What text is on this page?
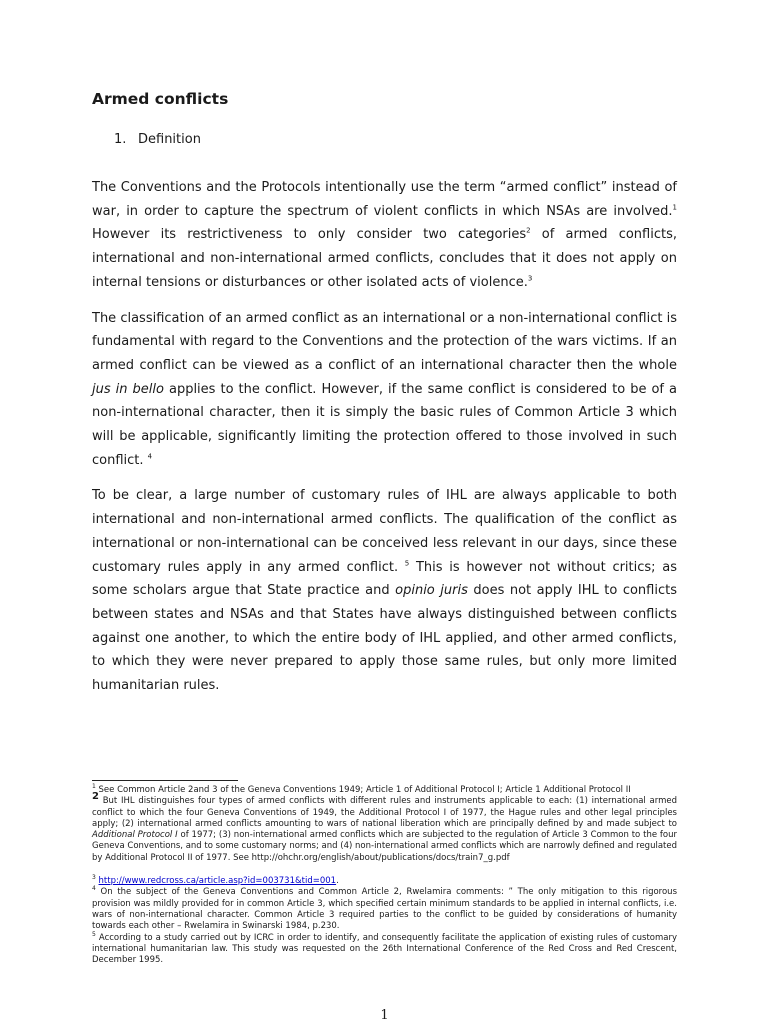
Armed conflicts
1. Definition

The Conventions and the Protocols intentionally use the term “armed conflict” instead of war, in order to capture the spectrum of violent conflicts in which NSAs are involved.$^1$ However its restrictiveness to only consider two categories$^2$ of armed conflicts, international and non-international armed conflicts, concludes that it does not apply on internal tensions or disturbances or other isolated acts of violence.$^3$

The classification of an armed conflict as an international or a non-international conflict is fundamental with regard to the Conventions and the protection of the wars victims. If an armed conflict can be viewed as a conflict of an international character then the whole jus in bello applies to the conflict. However, if the same conflict is considered to be of a non-international character, then it is simply the basic rules of Common Article 3 which will be applicable, significantly limiting the protection offered to those involved in such conflict. $^4$

To be clear, a large number of customary rules of IHL are always applicable to both international and non-international armed conflicts. The qualification of the conflict as international or non-international can be conceived less relevant in our days, since these customary rules apply in any armed conflict. $^5$ This is however not without critics; as some scholars argue that State practice and opinio juris does not apply IHL to conflicts between states and NSAs and that States have always distinguished between conflicts against one another, to which the entire body of IHL applied, and other armed conflicts, to which they were never prepared to apply those same rules, but only more limited humanitarian rules.

$^1$ See Common Article 2and 3 of the Geneva Conventions 1949; Article 1 of Additional Protocol I; Article 1 Additional Protocol II

2 But IHL distinguishes four types of armed conflicts with different rules and instruments applicable to each: (1) international armed conflict to which the four Geneva Conventions of 1949, the Additional Protocol I of 1977, the Hague rules and other legal principles apply; (2) international armed conflicts amounting to wars of national liberation which are principally defined by and made subject to Additional Protocol I of 1977; (3) non-international armed conflicts which are subjected to the regulation of Article 3 Common to the four Geneva Conventions, and to some customary norms; and (4) non-international armed conflicts which are narrowly defined and regulated by Additional Protocol II of 1977. See http://ohchr.org/english/about/publications/docs/train7_g.pdf

$^3$ http://www.redcross.ca/article.asp?id=003731&tid=001.

$^4$ On the subject of the Geneva Conventions and Common Article 2, Rwelamira comments: ” The only mitigation to this rigorous provision was mildly provided for in common Article 3, which specified certain minimum standards to be applied in internal conflicts, i.e. wars of non-international character. Common Article 3 required parties to the conflict to be guided by considerations of humanity towards each other – Rwelamira in Swinarski 1984, p.230.

$^5$ According to a study carried out by ICRC in order to identify, and consequently facilitate the application of existing rules of customary international humanitarian law. This study was requested on the 26th International Conference of the Red Cross and Red Crescent, December 1995.

1
